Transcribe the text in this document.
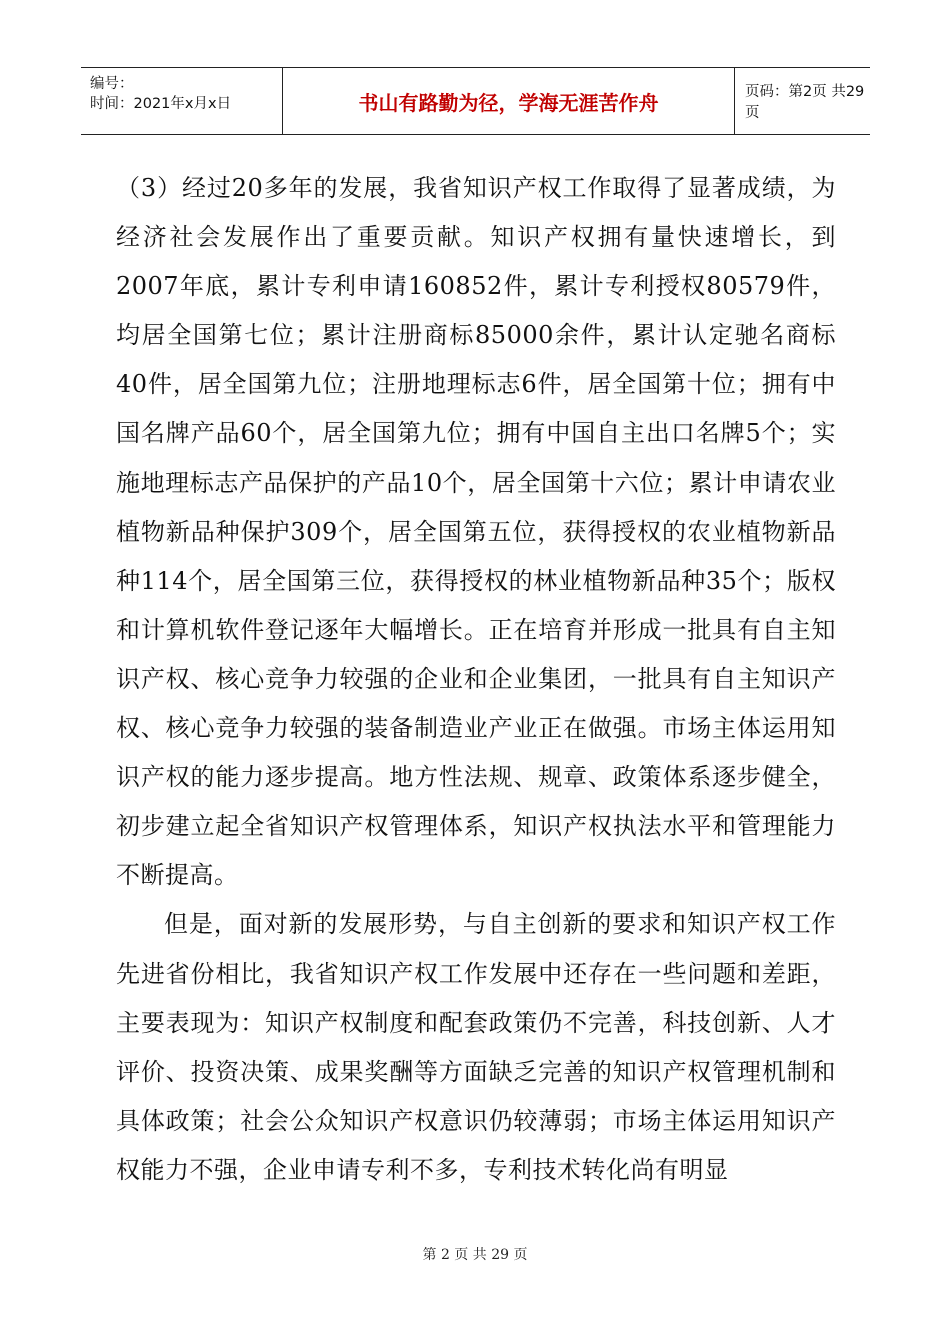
编号：
时间：2021年x月x日	书山有路勤为径，学海无涯苦作舟	页码：第2页 共29页

（3）经过20多年的发展，我省知识产权工作取得了显著成绩，为经济社会发展作出了重要贡献。知识产权拥有量快速增长，到2007年底，累计专利申请160852件，累计专利授权80579件，均居全国第七位；累计注册商标85000余件，累计认定驰名商标40件，居全国第九位；注册地理标志6件，居全国第十位；拥有中国名牌产品60个，居全国第九位；拥有中国自主出口名牌5个；实施地理标志产品保护的产品10个，居全国第十六位；累计申请农业植物新品种保护309个，居全国第五位，获得授权的农业植物新品种114个，居全国第三位，获得授权的林业植物新品种35个；版权和计算机软件登记逐年大幅增长。正在培育并形成一批具有自主知识产权、核心竞争力较强的企业和企业集团，一批具有自主知识产权、核心竞争力较强的装备制造业产业正在做强。市场主体运用知识产权的能力逐步提高。地方性法规、规章、政策体系逐步健全，初步建立起全省知识产权管理体系，知识产权执法水平和管理能力不断提高。

但是，面对新的发展形势，与自主创新的要求和知识产权工作先进省份相比，我省知识产权工作发展中还存在一些问题和差距，主要表现为：知识产权制度和配套政策仍不完善，科技创新、人才评价、投资决策、成果奖酬等方面缺乏完善的知识产权管理机制和具体政策；社会公众知识产权意识仍较薄弱；市场主体运用知识产权能力不强，企业申请专利不多，专利技术转化尚有明显

第 2 页 共 29 页
